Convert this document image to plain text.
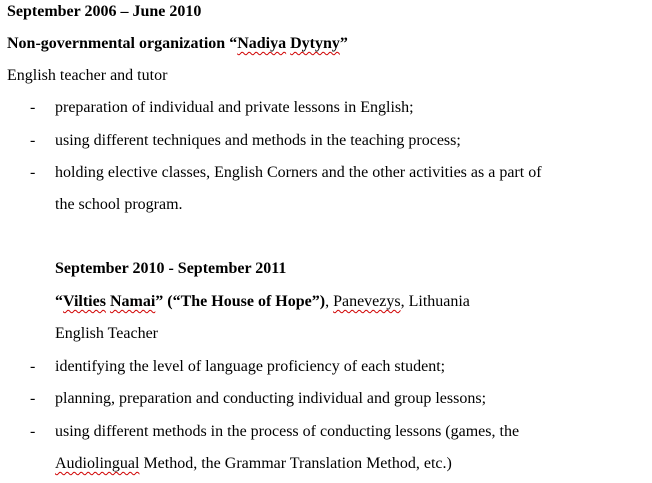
September 2006 – June 2010
Non-governmental organization “Nadiya Dytyny”
English teacher and tutor
-	preparation of individual and private lessons in English;
-	using different techniques and methods in the teaching process;
-	holding elective classes, English Corners and the other activities as a part of
the school program.
September 2010 - September 2011
“Vilties Namai” (“The House of Hope”), Panevezys, Lithuania
English Teacher
-	identifying the level of language proficiency of each student;
-	planning, preparation and conducting individual and group lessons;
-	using different methods in the process of conducting lessons (games, the
Audiolingual Method, the Grammar Translation Method, etc.)
